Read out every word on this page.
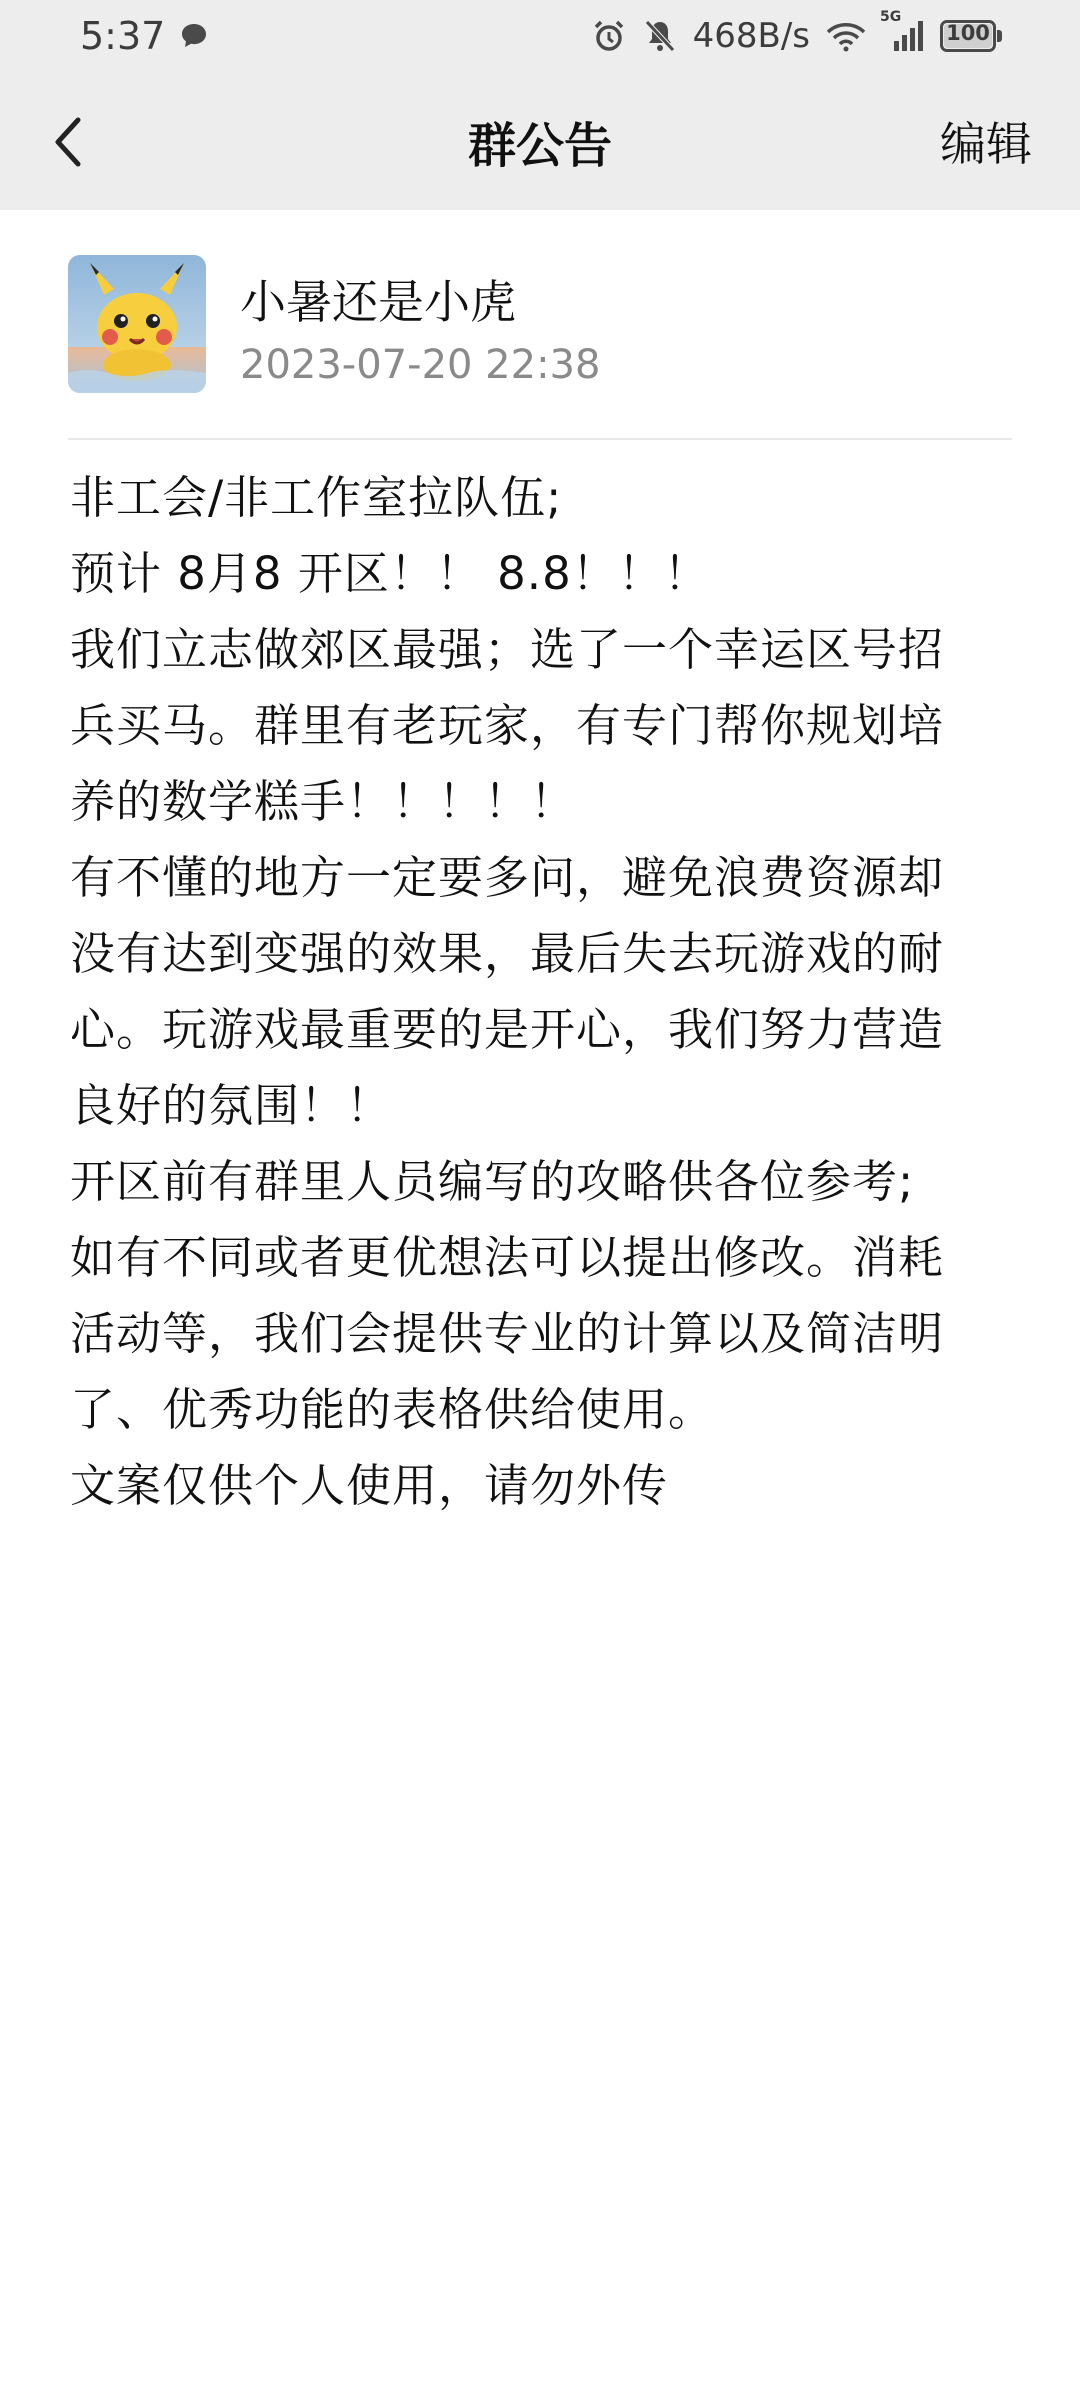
5:37	468B/s	5G
100
群公告	编辑
小暑还是小虎
2023-07-20 22:38

非工会/非工作室拉队伍;

预计 8月8 开区！！ 8.8！！！

我们立志做郊区最强；选了一个幸运区号招

兵买马。群里有老玩家，有专门帮你规划培

养的数学糕手！！！！！

有不懂的地方一定要多问，避免浪费资源却

没有达到变强的效果，最后失去玩游戏的耐

心。玩游戏最重要的是开心，我们努力营造

良好的氛围！！

开区前有群里人员编写的攻略供各位参考;

如有不同或者更优想法可以提出修改。消耗

活动等，我们会提供专业的计算以及简洁明

了、优秀功能的表格供给使用。

文案仅供个人使用，请勿外传
